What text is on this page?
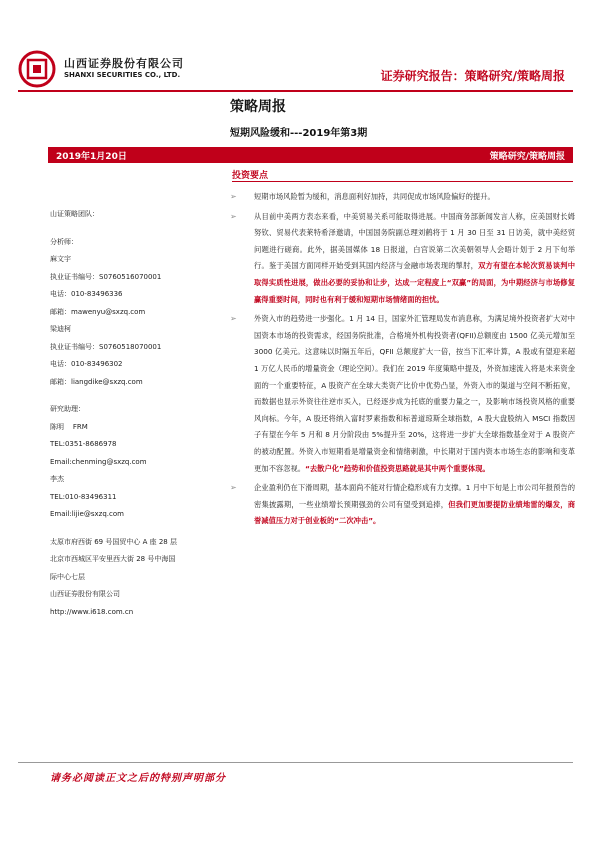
山西证券股份有限公司
SHANXI SECURITIES CO., LTD.	证券研究报告：策略研究/策略周报
策略周报
短期风险缓和---2019年第3期
2019年1月20日	策略研究/策略周报
山证策略团队：
分析师：
麻文宇
执业证书编号：S0760516070001
电话：010-83496336
邮箱：mawenyu@sxzq.com
梁迪柯
执业证书编号：S0760518070001
电话：010-83496302
邮箱：liangdike@sxzq.com
研究助理：
陈明    FRM
TEL:0351-8686978
Email:chenming@sxzq.com
李杰
TEL:010-83496311
Email:lijie@sxzq.com
太原市府西街 69 号国贸中心 A 座 28 层
北京市西城区平安里西大街 28 号中海国
际中心七层
山西证券股份有限公司
http://www.i618.com.cn
投资要点
➢ 短期市场风险暂为缓和，消息面利好加持，共同促成市场风险偏好的提升。
➢ 从目前中美两方表态来看，中美贸易关系可能取得进展。中国商务部新闻发言人称，应美国财长姆努钦、贸易代表莱特希泽邀请，中国国务院副总理刘鹤将于 1 月 30 日至 31 日访美，就中美经贸问题进行磋商。此外，据美国媒体 18 日报道，白宫说第二次美朝领导人会晤计划于 2 月下旬举行。鉴于美国方面同样开始受到其国内经济与金融市场表现的掣肘，双方有望在本轮次贸易谈判中取得实质性进展，做出必要的妥协和让步，达成一定程度上“双赢”的局面，为中期经济与市场修复赢得重要时间，同时也有利于缓和短期市场情绪面的担忧。
➢ 外资入市的趋势进一步强化。1 月 14 日，国家外汇管理局发布消息称，为满足境外投资者扩大对中国资本市场的投资需求，经国务院批准，合格境外机构投资者(QFII)总额度由 1500 亿美元增加至 3000 亿美元。这意味以时隔五年后，QFII 总额度扩大一倍，按当下汇率计算，A 股或有望迎来超 1 万亿人民币的增量资金（理论空间）。我们在 2019 年度策略中提及，外资加速流入将是未来资金面的一个重要特征，A 股资产在全球大类资产比价中优势凸显，外资入市的渠道与空间不断拓宽，而数据也显示外资往往逆市买入，已经逐步成为托底的重要力量之一，及影响市场投资风格的重要风向标。今年，A 股还将纳入富时罗素指数和标普道琼斯全球指数，A 股大盘股纳入 MSCI 指数因子有望在今年 5 月和 8 月分阶段由 5%提升至 20%，这将进一步扩大全球指数基金对于 A 股资产的被动配置。外资入市短期看是增量资金和情绪刺激，中长期对于国内资本市场生态的影响和变革更加不容忽视。“去散户化”趋势和价值投资思路就是其中两个重要体现。
➢ 企业盈利仍在下滑周期，基本面尚不能对行情企稳形成有力支撑。1 月中下旬是上市公司年报预告的密集披露期，一些业绩增长预期强劲的公司有望受到追捧，但我们更加要提防业绩地雷的爆发，商誉减值压力对于创业板的“二次冲击”。
请务必阅读正文之后的特别声明部分
